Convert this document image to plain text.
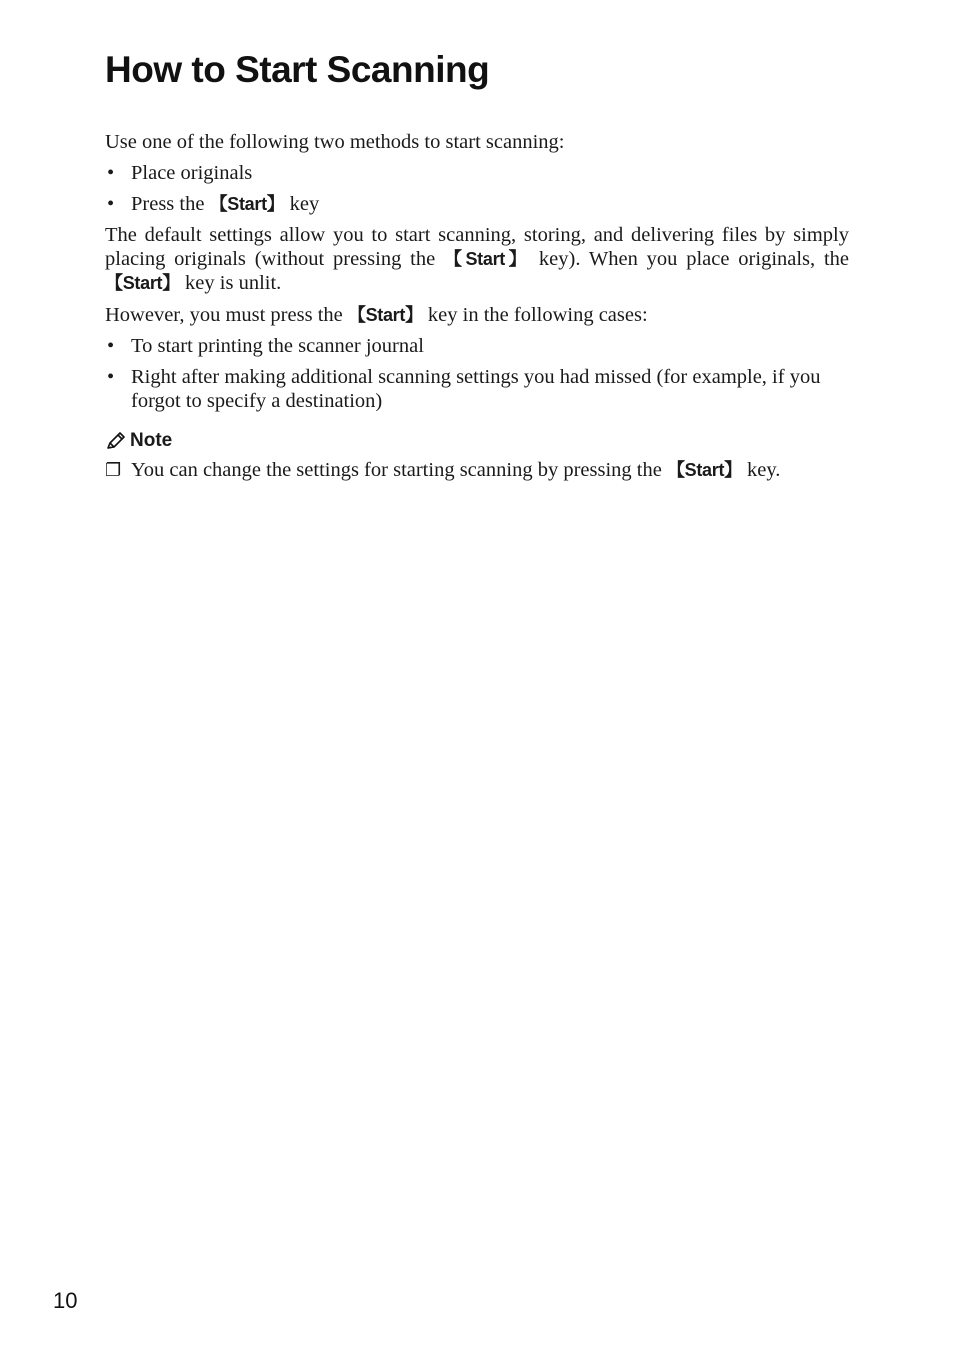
How to Start Scanning

Use one of the following two methods to start scanning:

• Place originals
• Press the 【Start】 key

The default settings allow you to start scanning, storing, and delivering files by simply placing originals (without pressing the 【Start】 key). When you place originals, the 【Start】 key is unlit.

However, you must press the 【Start】 key in the following cases:

• To start printing the scanner journal
• Right after making additional scanning settings you had missed (for example, if you forgot to specify a destination)
Note
❐ You can change the settings for starting scanning by pressing the 【Start】 key.
10
